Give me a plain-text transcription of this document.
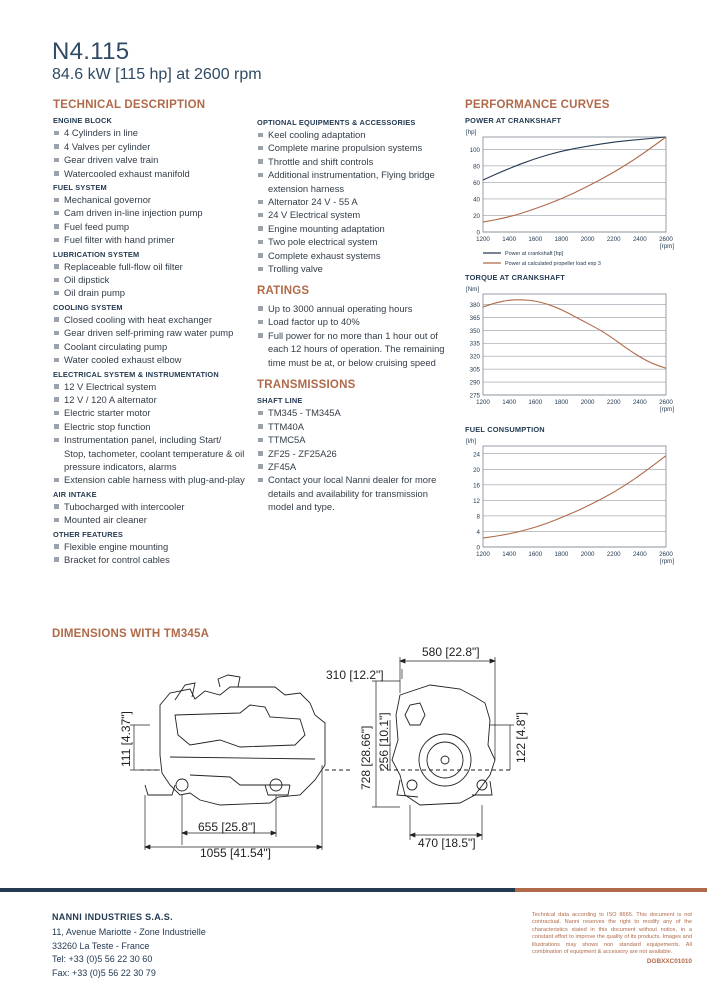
N4.115
84.6 kW [115 hp] at 2600 rpm
TECHNICAL DESCRIPTION
ENGINE BLOCK
4 Cylinders in line
4 Valves per cylinder
Gear driven valve train
Watercooled exhaust manifold
FUEL SYSTEM
Mechanical governor
Cam driven in-line injection pump
Fuel feed pump
Fuel filter with hand primer
LUBRICATION SYSTEM
Replaceable full-flow oil filter
Oil dipstick
Oil drain pump
COOLING SYSTEM
Closed cooling with heat exchanger
Gear driven self-priming raw water pump
Coolant circulating pump
Water cooled exhaust elbow
ELECTRICAL SYSTEM & INSTRUMENTATION
12 V Electrical system
12 V / 120 A alternator
Electric starter motor
Electric stop function
Instrumentation panel, including Start/ Stop, tachometer, coolant temperature & oil pressure indicators, alarms
Extension cable harness with plug-and-play
AIR INTAKE
Tubocharged with intercooler
Mounted air cleaner
OTHER FEATURES
Flexible engine mounting
Bracket for control cables
OPTIONAL EQUIPMENTS & ACCESSORIES
Keel cooling adaptation
Complete marine propulsion systems
Throttle and shift controls
Additional instrumentation, Flying bridge extension harness
Alternator 24 V - 55 A
24 V Electrical system
Engine mounting adaptation
Two pole electrical system
Complete exhaust systems
Trolling valve
RATINGS
Up to 3000 annual operating hours
Load factor up to 40%
Full power for no more than 1 hour out of each 12 hours of operation. The remaining time must be at, or below cruising speed
TRANSMISSIONS
SHAFT LINE
TM345 - TM345A
TTM40A
TTMC5A
ZF25 - ZF25A26
ZF45A
Contact your local Nanni dealer for more details and availability for transmission model and type.
PERFORMANCE CURVES
POWER AT CRANKSHAFT
0
20
40
60
80
100
1200 1400 1600 1800 2000 2200 2400 2600
[hp]
[rpm]
Power at crankshaft [hp]
Power at calculated propeller load exp 3
TORQUE AT CRANKSHAFT
275
290
305
320
335
350
365
380
1200 1400 1600 1800 2000 2200 2400 2600
[Nm]
[rpm]
FUEL CONSUMPTION
0
4
8
12
16
20
24
1200 1400 1600 1800 2000 2200 2400 2600
[l/h]
[rpm]
DIMENSIONS WITH TM345A
111 [4.37"]
655 [25.8"]
1055 [41.54"]
310 [12.2"]
580 [22.8"]
728 [28.66"] 256 [10.1"]	122 [4.8"]
470 [18.5"]
NANNI INDUSTRIES S.A.S.
11, Avenue Mariotte - Zone Industrielle
33260 La Teste - France
Tel: +33 (0)5 56 22 30 60
Fax: +33 (0)5 56 22 30 79
Technical data according to ISO 8665. This document is not contractual. Nanni reserves the right to modify any of the characteristics stated in this document without notice, in a constant effort to improve the quality of its products. Images and illustrations may shows non standard equipements. All combination of equipment & accessory are not available.
DGBXXC01010
